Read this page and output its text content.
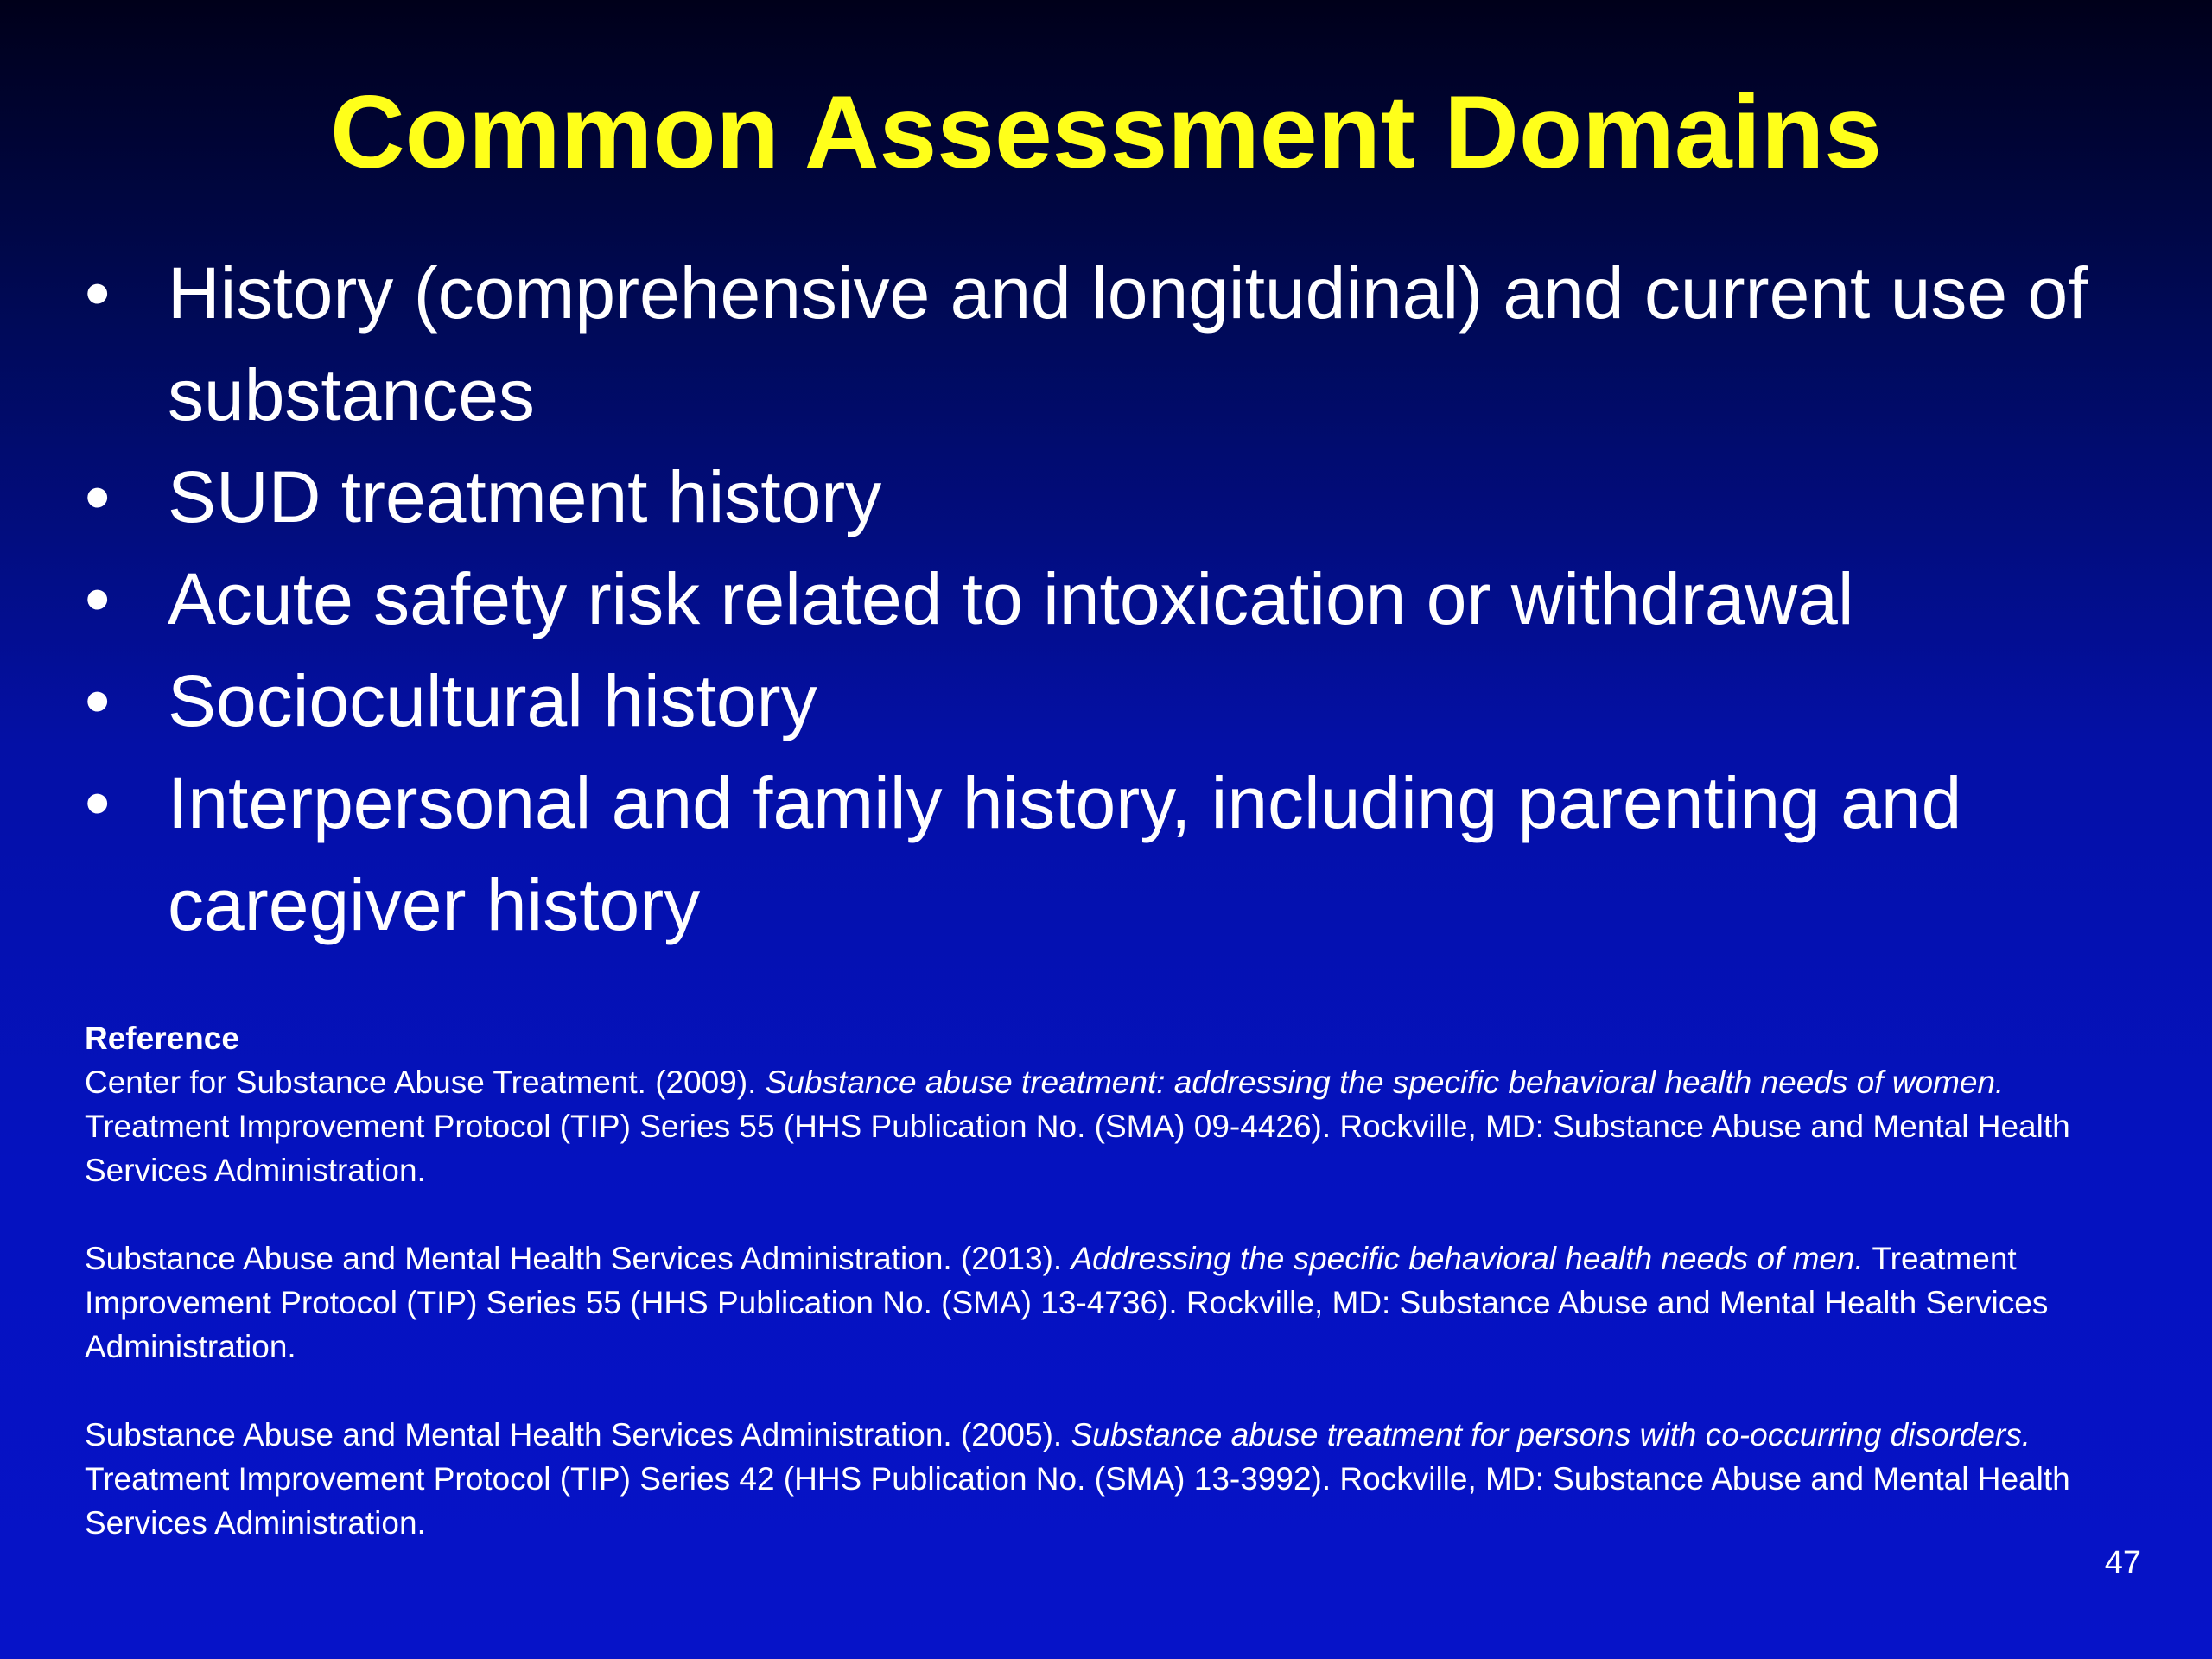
Common Assessment Domains
• History (comprehensive and longitudinal) and current use of substances
• SUD treatment history
• Acute safety risk related to intoxication or withdrawal
• Sociocultural history
• Interpersonal and family history, including parenting and caregiver history

Reference

Center for Substance Abuse Treatment. (2009). Substance abuse treatment: addressing the specific behavioral health needs of women. Treatment Improvement Protocol (TIP) Series 55 (HHS Publication No. (SMA) 09-4426). Rockville, MD: Substance Abuse and Mental Health Services Administration.

Substance Abuse and Mental Health Services Administration. (2013). Addressing the specific behavioral health needs of men. Treatment Improvement Protocol (TIP) Series 55 (HHS Publication No. (SMA) 13-4736). Rockville, MD: Substance Abuse and Mental Health Services Administration.

Substance Abuse and Mental Health Services Administration. (2005). Substance abuse treatment for persons with co-occurring disorders. Treatment Improvement Protocol (TIP) Series 42 (HHS Publication No. (SMA) 13-3992). Rockville, MD: Substance Abuse and Mental Health Services Administration.

47
